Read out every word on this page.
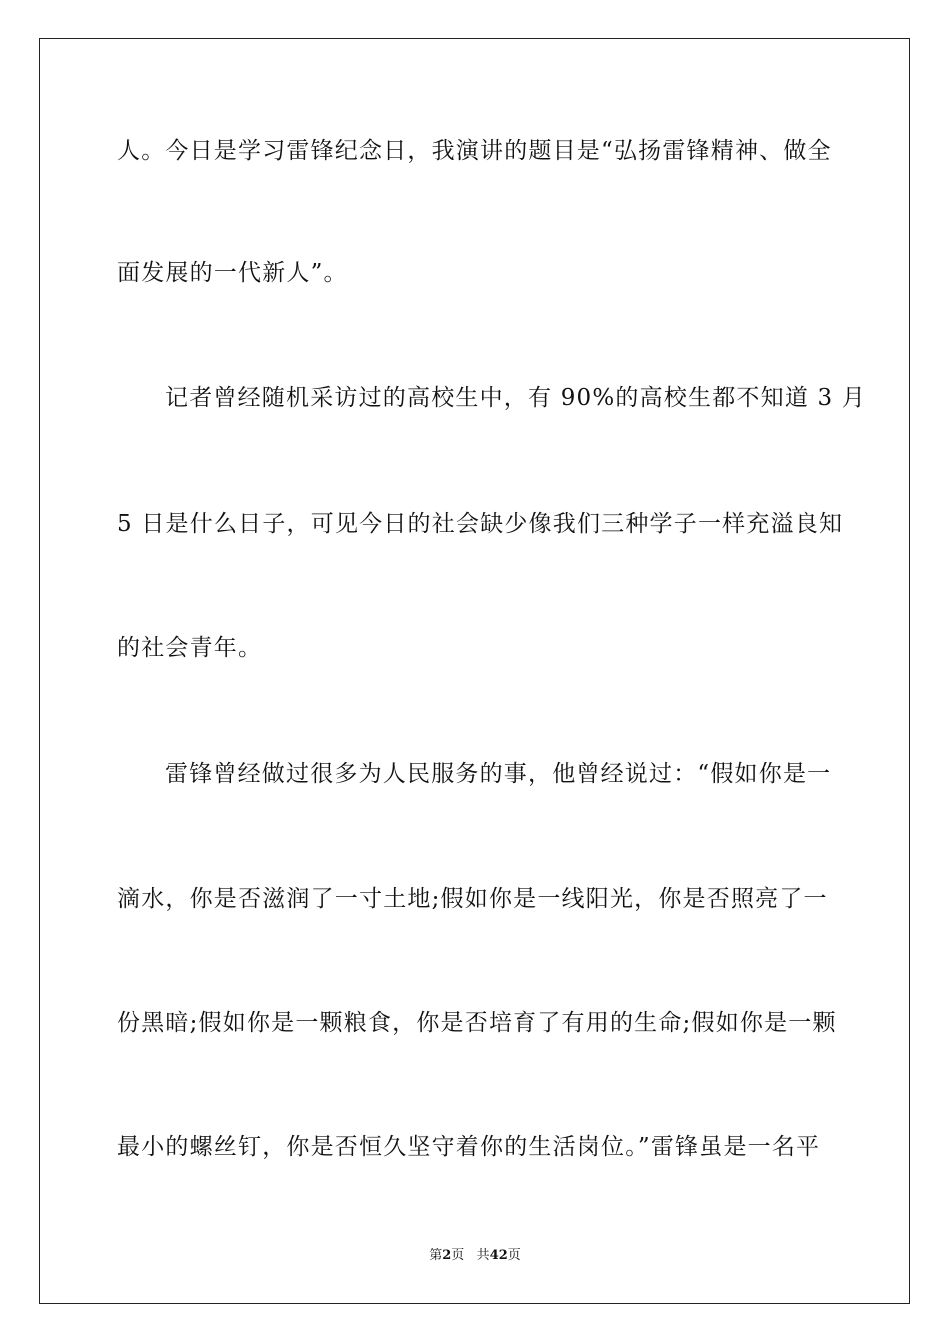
人。今日是学习雷锋纪念日，我演讲的题目是“弘扬雷锋精神、做全
面发展的一代新人”。
记者曾经随机采访过的高校生中，有 90%的高校生都不知道 3 月
5 日是什么日子，可见今日的社会缺少像我们三种学子一样充溢良知
的社会青年。
雷锋曾经做过很多为人民服务的事，他曾经说过：“假如你是一
滴水，你是否滋润了一寸土地;假如你是一线阳光，你是否照亮了一
份黑暗;假如你是一颗粮食，你是否培育了有用的生命;假如你是一颗
最小的螺丝钉，你是否恒久坚守着你的生活岗位。”雷锋虽是一名平
第2页 共42页
